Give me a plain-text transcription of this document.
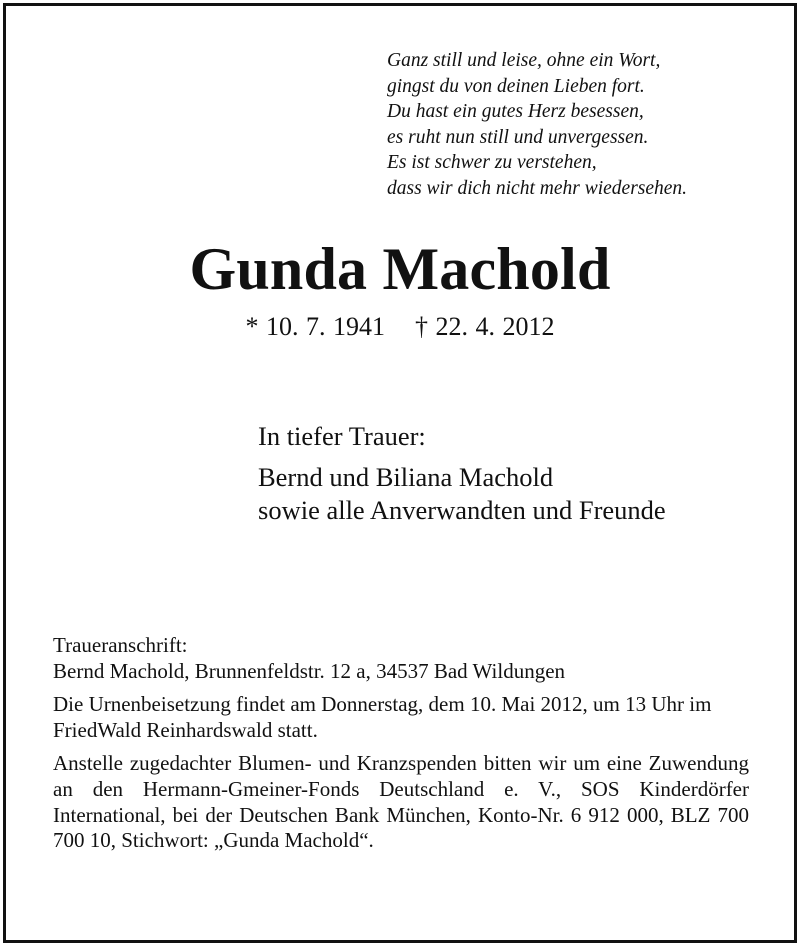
Ganz still und leise, ohne ein Wort,
gingst du von deinen Lieben fort.
Du hast ein gutes Herz besessen,
es ruht nun still und unvergessen.
Es ist schwer zu verstehen,
dass wir dich nicht mehr wiedersehen.
Gunda Machold
* 10. 7. 1941 † 22. 4. 2012
In tiefer Trauer:
Bernd und Biliana Machold
sowie alle Anverwandten und Freunde
Traueranschrift:
Bernd Machold, Brunnenfeldstr. 12 a, 34537 Bad Wildungen

Die Urnenbeisetzung findet am Donnerstag, dem 10. Mai 2012, um 13 Uhr im FriedWald Reinhardswald statt.

Anstelle zugedachter Blumen- und Kranzspenden bitten wir um eine Zuwendung an den Hermann-Gmeiner-Fonds Deutschland e. V., SOS Kinderdörfer International, bei der Deutschen Bank München, Konto-Nr. 6 912 000, BLZ 700 700 10, Stichwort: „Gunda Machold“.
